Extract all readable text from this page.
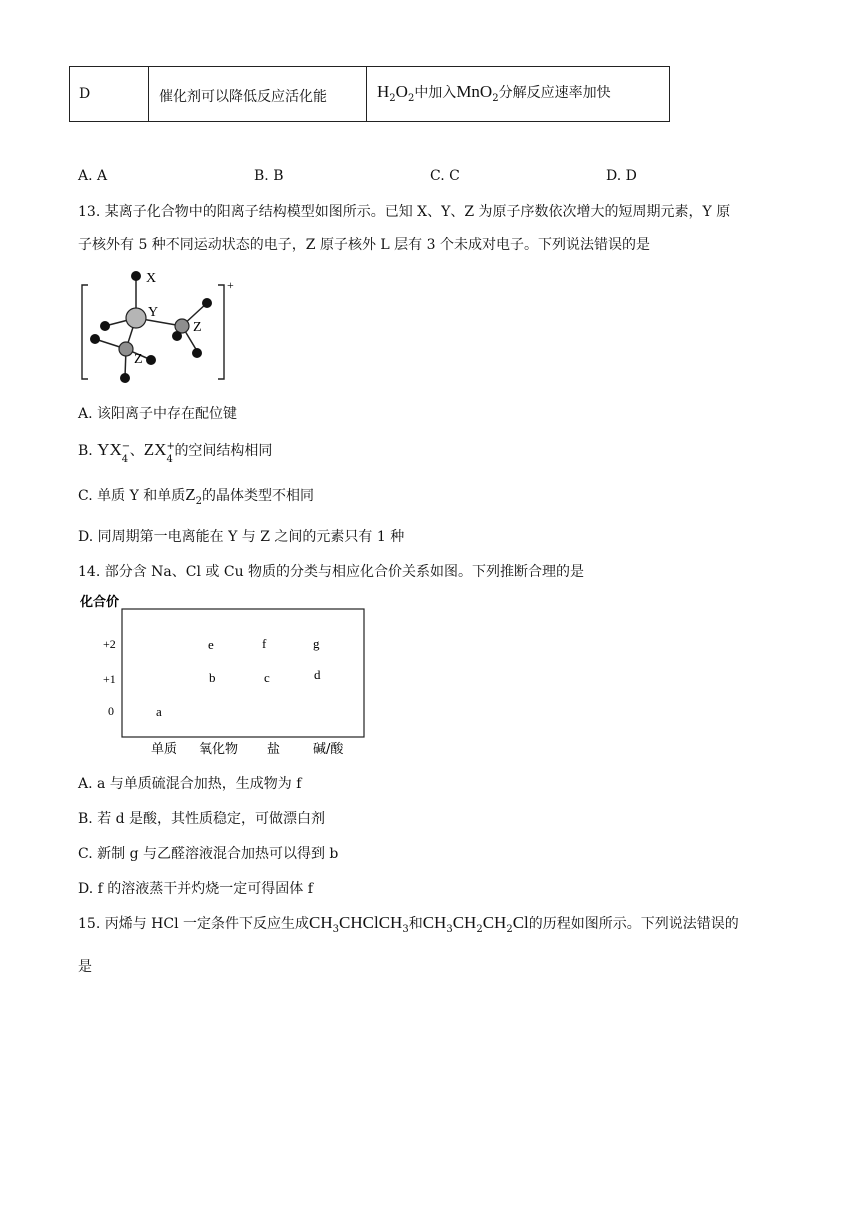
D	催化剂可以降低反应活化能	$H_2O_2$中加入MnO$_2$分解反应速率加快
A. A	B. B	C. C	D. D
13. 某离子化合物中的阳离子结构模型如图所示。已知 X、Y、Z 为原子序数依次增大的短周期元素，Y 原
子核外有 5 种不同运动状态的电子，Z 原子核外 L 层有 3 个未成对电子。下列说法错误的是
+
X
Y
Z
Z
A. 该阳离子中存在配位键
B. YX −
4
、ZX +
4
的空间结构相同
C. 单质 Y 和单质$Z_2$的晶体类型不相同
D. 同周期第一电离能在 Y 与 Z 之间的元素只有 1 种
14. 部分含 Na、Cl 或 Cu 物质的分类与相应化合价关系如图。下列推断合理的是
化合价
+2
+1
0
单质 氧化物 盐	碱/酸
a
b	c	d
e	f	g
A. a 与单质硫混合加热，生成物为 f
B. 若 d 是酸，其性质稳定，可做漂白剂
C. 新制 g 与乙醛溶液混合加热可以得到 b
D. f 的溶液蒸干并灼烧一定可得固体 f
15. 丙烯与 HCl 一定条件下反应生成$CH_3CHClCH_3$和$CH_3CH_2CH_2Cl$的历程如图所示。下列说法错误的
是
